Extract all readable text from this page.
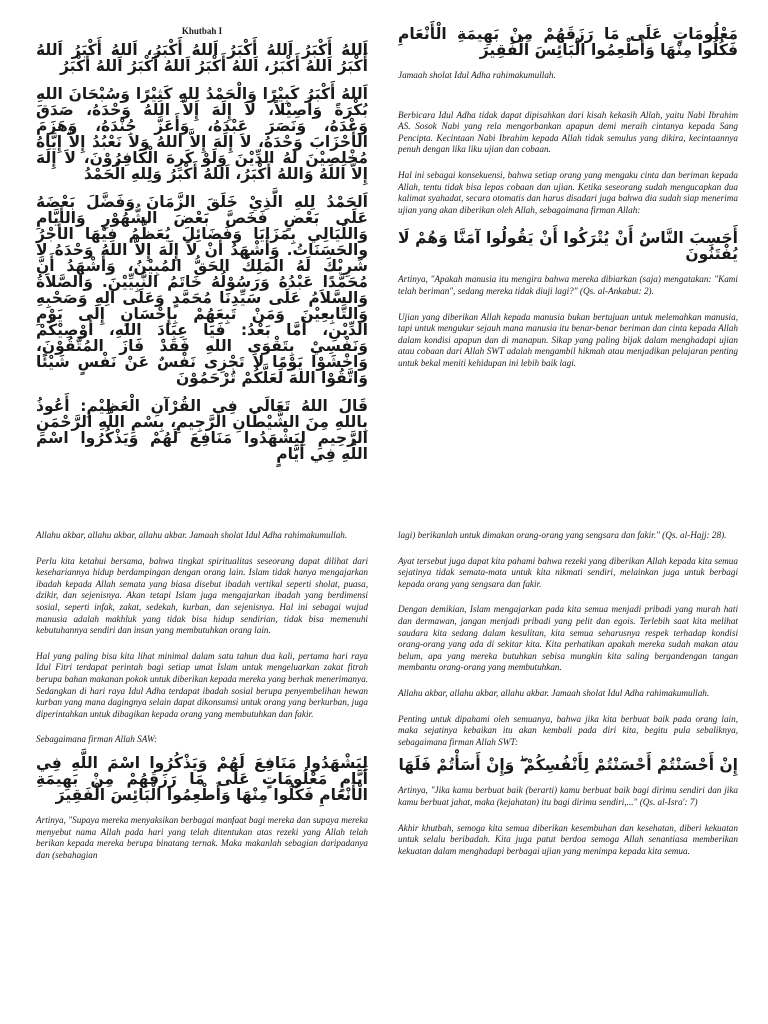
Khutbah I

اَللهُ أَكْبَرُ اَللهُ أَكْبَرُ اَللهُ أَكْبَرُ، اَللهُ أَكْبَرُ اَللهُ أَكْبَرُ اَللهُ أَكْبَرُ، اَللهُ أَكْبَرُ اَللهُ أَكْبَرُ اَللهُ أَكْبَرُ

اَللهُ أَكْبَرُ كَبِيْرًا وَالْحَمْدُ لِلهِ كَثِيْرًا وَسُبْحَانَ اللهِ بُكْرَةً وَأَصِيْلاً، لاَ إِلَهَ إِلاَّ اللهُ وَحْدَهُ، صَدَقَ وَعْدَهُ، وَنَصَرَ عَبْدَهُ، وَأَعَزَّ جُنْدَهُ، وَهَزَمَ الأَحْزَابَ وَحْدَهُ، لاَ إِلَهَ إِلاَّ اللهُ وَلاَ نَعْبُدُ إِلاَّ إِيَّاهُ مُخْلِصِيْنَ لَهُ الدِّيْنَ وَلَوْ كَرِهَ الْكَافِرُوْنَ، لاَ إِلَهَ إِلاَّ اللهُ وَاللهُ أَكْبَرُ، اَللهُ أَكْبَرُ وَلِلهِ الْحَمْدُ

اَلحَمْدُ لِلهِ الَّذِيْ خَلَقَ الزَّمَانَ وَفَضَّلَ بَعْضَهُ عَلَى بَعْضٍ فَخَصَّ بَعْضَ الشُّهُوْرِ وَالأَيَّامِ وَاللَيَالِي بِمَزَايَا وَفَضَائِلَ يُعَظَّمُ فِيْهَا الأَجْرُ والحَسَنَاتُ. وَأَشْهَدُ أَنْ لاَ إِلَهَ إِلاَّ اللهُ وَحْدَهُ لاَ شَرِيْكَ لَهُ المَلِكُ الحَقُّ المُبِيْنُ، وَأَشْهَدُ أَنَّ مُحَمَّدًا عَبْدُهُ وَرَسُوْلُهُ خَاتَمُ النَّبِيِّيْنَ. وَالصَّلاَةُ وَالسَّلاَمُ عَلَى سَيِّدِنَا مُحَمَّدٍ وَعَلَى آلِهِ وَصَحْبِهِ وَالتَّابِعِيْنَ وَمَنْ تَبِعَهُمْ بِإِحْسَانٍ إِلَى يَوْمِ الدِّيْنِ، أَمَّا بَعْدُ: فَيَا عِبَادَ اللهِ، أُوْصِيْكُمْ وَنَفْسِيْ بِتَقْوَى اللهِ فَقَدْ فَازَ المُتَّقُوْنَ، وَاخْشَوْا يَوْمًا لاَ تَجْزِى نَفْسٌ عَنْ نَفْسٍ شَيْئًا وَاتَّقُوْا اللهَ لَعَلَّكُمْ تُرْحَمُوْنَ

قَالَ اللهُ تَعَالَى فِي القُرْآنِ الْعَظِيْمِ: أَعُوذُ بِاللهِ مِنَ الشَّيْطَانِ الرَّجِيمِ، بِسْمِ اللَّهِ الرَّحْمَنِ الرَّحِيمِ لِيَشْهَدُوا مَنَافِعَ لَهُمْ وَيَذْكُرُوا اسْمَ اللَّهِ فِي أَيَّامٍ

مَعْلُومَاتٍ عَلَى مَا رَزَقَهُمْ مِنْ بَهِيمَةِ الْأَنْعَامِ فَكُلُوا مِنْهَا وَأَطْعِمُوا الْبَائِسَ الْفَقِيرَ

Jamaah sholat Idul Adha rahimakumullah.

Berbicara Idul Adha tidak dapat dipisahkan dari kisah kekasih Allah, yaitu Nabi Ibrahim AS. Sosok Nabi yang rela mengorbankan apapun demi meraih cintanya kepada Sang Pencipta. Kecintaan Nabi Ibrahim kepada Allah tidak semulus yang dikira, kecintaannya penuh dengan lika liku ujian dan cobaan.

Hal ini sebagai konsekuensi, bahwa setiap orang yang mengaku cinta dan beriman kepada Allah, tentu tidak bisa lepas cobaan dan ujian. Ketika seseorang sudah mengucapkan dua kalimat syahadat, secara otomatis dan harus disadari juga bahwa dia sudah siap menerima ujian yang akan diberikan oleh Allah, sebagaimana firman Allah:

أَحَسِبَ النَّاسُ أَنْ يُتْرَكُوا أَنْ يَقُولُوا آمَنَّا وَهُمْ لَا يُفْتَنُونَ

Artinya, "Apakah manusia itu mengira bahwa mereka dibiarkan (saja) mengatakan: "Kami telah beriman", sedang mereka tidak diuji lagi?" (Qs. al-Ankabut: 2).

Ujian yang diberikan Allah kepada manusia bukan bertujuan untuk melemahkan manusia, tapi untuk mengukur sejauh mana manusia itu benar-benar beriman dan cinta kepada Allah dalam kondisi apapun dan di manapun. Sikap yang paling bijak dalam menghadapi ujian atau cobaan dari Allah SWT adalah mengambil hikmah atau menjadikan pelajaran penting untuk bekal meniti kehidupan ini lebih baik lagi.

Allahu akbar, allahu akbar, allahu akbar. Jamaah sholat Idul Adha rahimakumullah.

Perlu kita ketahui bersama, bahwa tingkat spiritualitas seseorang dapat dilihat dari kesehariannya hidup berdampingan dengan orang lain. Islam tidak hanya mengajarkan ibadah kepada Allah semata yang biasa disebut ibadah vertikal seperti sholat, puasa, dzikir, dan sejenisnya. Akan tetapi Islam juga mengajarkan ibadah yang berdimensi sosial, seperti infak, zakat, sedekah, kurban, dan sejenisnya. Hal ini sebagai wujud manusia adalah makhluk yang tidak bisa hidup sendirian, tidak bisa memenuhi kebutuhannya sendiri dan insan yang membutuhkan orang lain.

Hal yang paling bisa kita lihat minimal dalam satu tahun dua kali, pertama hari raya Idul Fitri terdapat perintah bagi setiap umat Islam untuk mengeluarkan zakat fitrah berupa bahan makanan pokok untuk diberikan kepada mereka yang berhak menerimanya. Sedangkan di hari raya Idul Adha terdapat ibadah sosial berupa penyembelihan hewan kurban yang mana dagingnya selain dapat dikonsumsi untuk orang yang berkurban, juga diperintahkan untuk dibagikan kepada orang yang membutuhkan dan fakir.

Sebagaimana firman Allah SAW:

لِيَشْهَدُوا مَنَافِعَ لَهُمْ وَيَذْكُرُوا اسْمَ اللَّهِ فِي أَيَّامٍ مَعْلُومَاتٍ عَلَى مَا رَزَقَهُمْ مِنْ بَهِيمَةِ الْأَنْعَامِ فَكُلُوا مِنْهَا وَأَطْعِمُوا الْبَائِسَ الْفَقِيرَ

Artinya, "Supaya mereka menyaksikan berbagai manfaat bagi mereka dan supaya mereka menyebut nama Allah pada hari yang telah ditentukan atas rezeki yang Allah telah berikan kepada mereka berupa binatang ternak. Maka makanlah sebagian daripadanya dan (sebahagian

lagi) berikanlah untuk dimakan orang-orang yang sengsara dan fakir." (Qs. al-Hajj: 28).

Ayat tersebut juga dapat kita pahami bahwa rezeki yang diberikan Allah kepada kita semua sejatinya tidak semata-mata untuk kita nikmati sendiri, melainkan juga untuk berbagi kepada orang yang sengsara dan fakir.

Dengan demikian, Islam mengajarkan pada kita semua menjadi pribadi yang murah hati dan dermawan, jangan menjadi pribadi yang pelit dan egois. Terlebih saat kita melihat saudara kita sedang dalam kesulitan, kita semua seharusnya respek terhadap kondisi orang-orang yang ada di sekitar kita. Kita perhatikan apakah mereka sudah makan atau belum, apa yang mereka butuhkan sebisa mungkin kita saling bergandengan tangan membantu orang-orang yang membutuhkan.

Allahu akbar, allahu akbar, allahu akbar. Jamaah sholat Idul Adha rahimakumullah.

Penting untuk dipahami oleh semuanya, bahwa jika kita berbuat baik pada orang lain, maka sejatinya kebaikan itu akan kembali pada diri kita, begitu pula sebaliknya, sebagaimana firman Allah SWT:

إِنْ أَحْسَنْتُمْ أَحْسَنْتُمْ لِأَنْفُسِكُمْ ۖ وَإِنْ أَسَأْتُمْ فَلَهَا

Artinya, "Jika kamu berbuat baik (berarti) kamu berbuat baik bagi dirimu sendiri dan jika kamu berbuat jahat, maka (kejahatan) itu bagi dirimu sendiri,..." (Qs. al-Isra': 7)

Akhir khutbah, semoga kita semua diberikan kesembuhan dan kesehatan, diberi kekuatan untuk selalu beribadah. Kita juga patut berdoa semoga Allah senantiasa memberikan kekuatan dalam menghadapi berbagai ujian yang menimpa kepada kita semua.
